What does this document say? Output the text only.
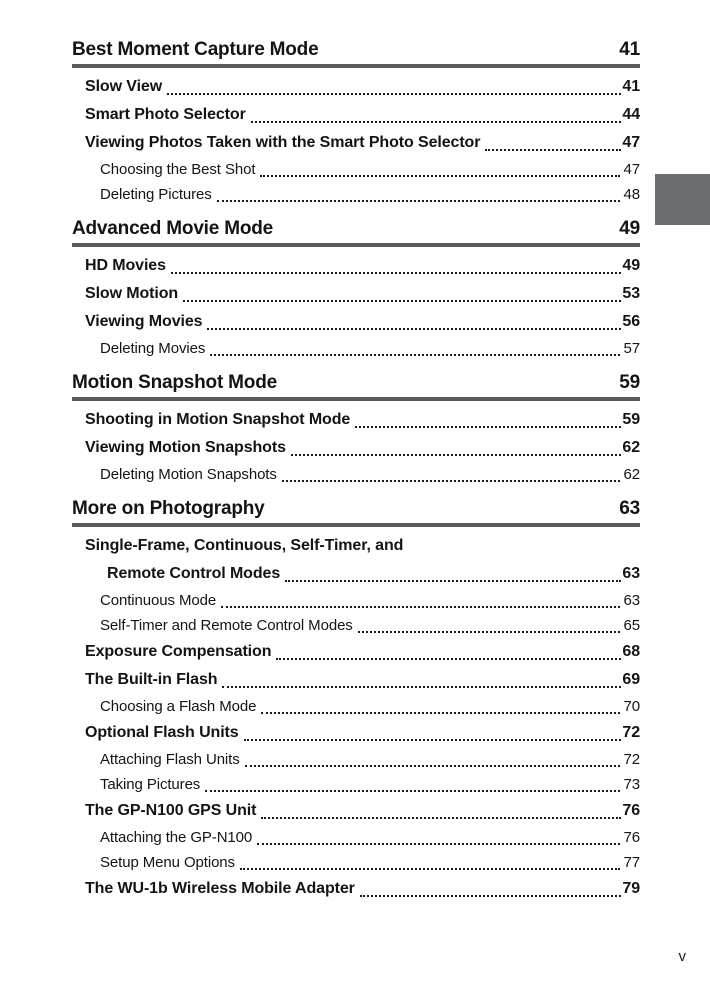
Best Moment Capture Mode	41
Slow View	41
Smart Photo Selector	44
Viewing Photos Taken with the Smart Photo Selector	47
Choosing the Best Shot	47
Deleting Pictures	48
Advanced Movie Mode	49
HD Movies	49
Slow Motion	53
Viewing Movies	56
Deleting Movies	57
Motion Snapshot Mode	59
Shooting in Motion Snapshot Mode	59
Viewing Motion Snapshots	62
Deleting Motion Snapshots	62
More on Photography	63
Single-Frame, Continuous, Self-Timer, and
Remote Control Modes	63
Continuous Mode	63
Self-Timer and Remote Control Modes	65
Exposure Compensation	68
The Built-in Flash	69
Choosing a Flash Mode	70
Optional Flash Units	72
Attaching Flash Units	72
Taking Pictures	73
The GP-N100 GPS Unit	76
Attaching the GP-N100	76
Setup Menu Options	77
The WU-1b Wireless Mobile Adapter	79
v
